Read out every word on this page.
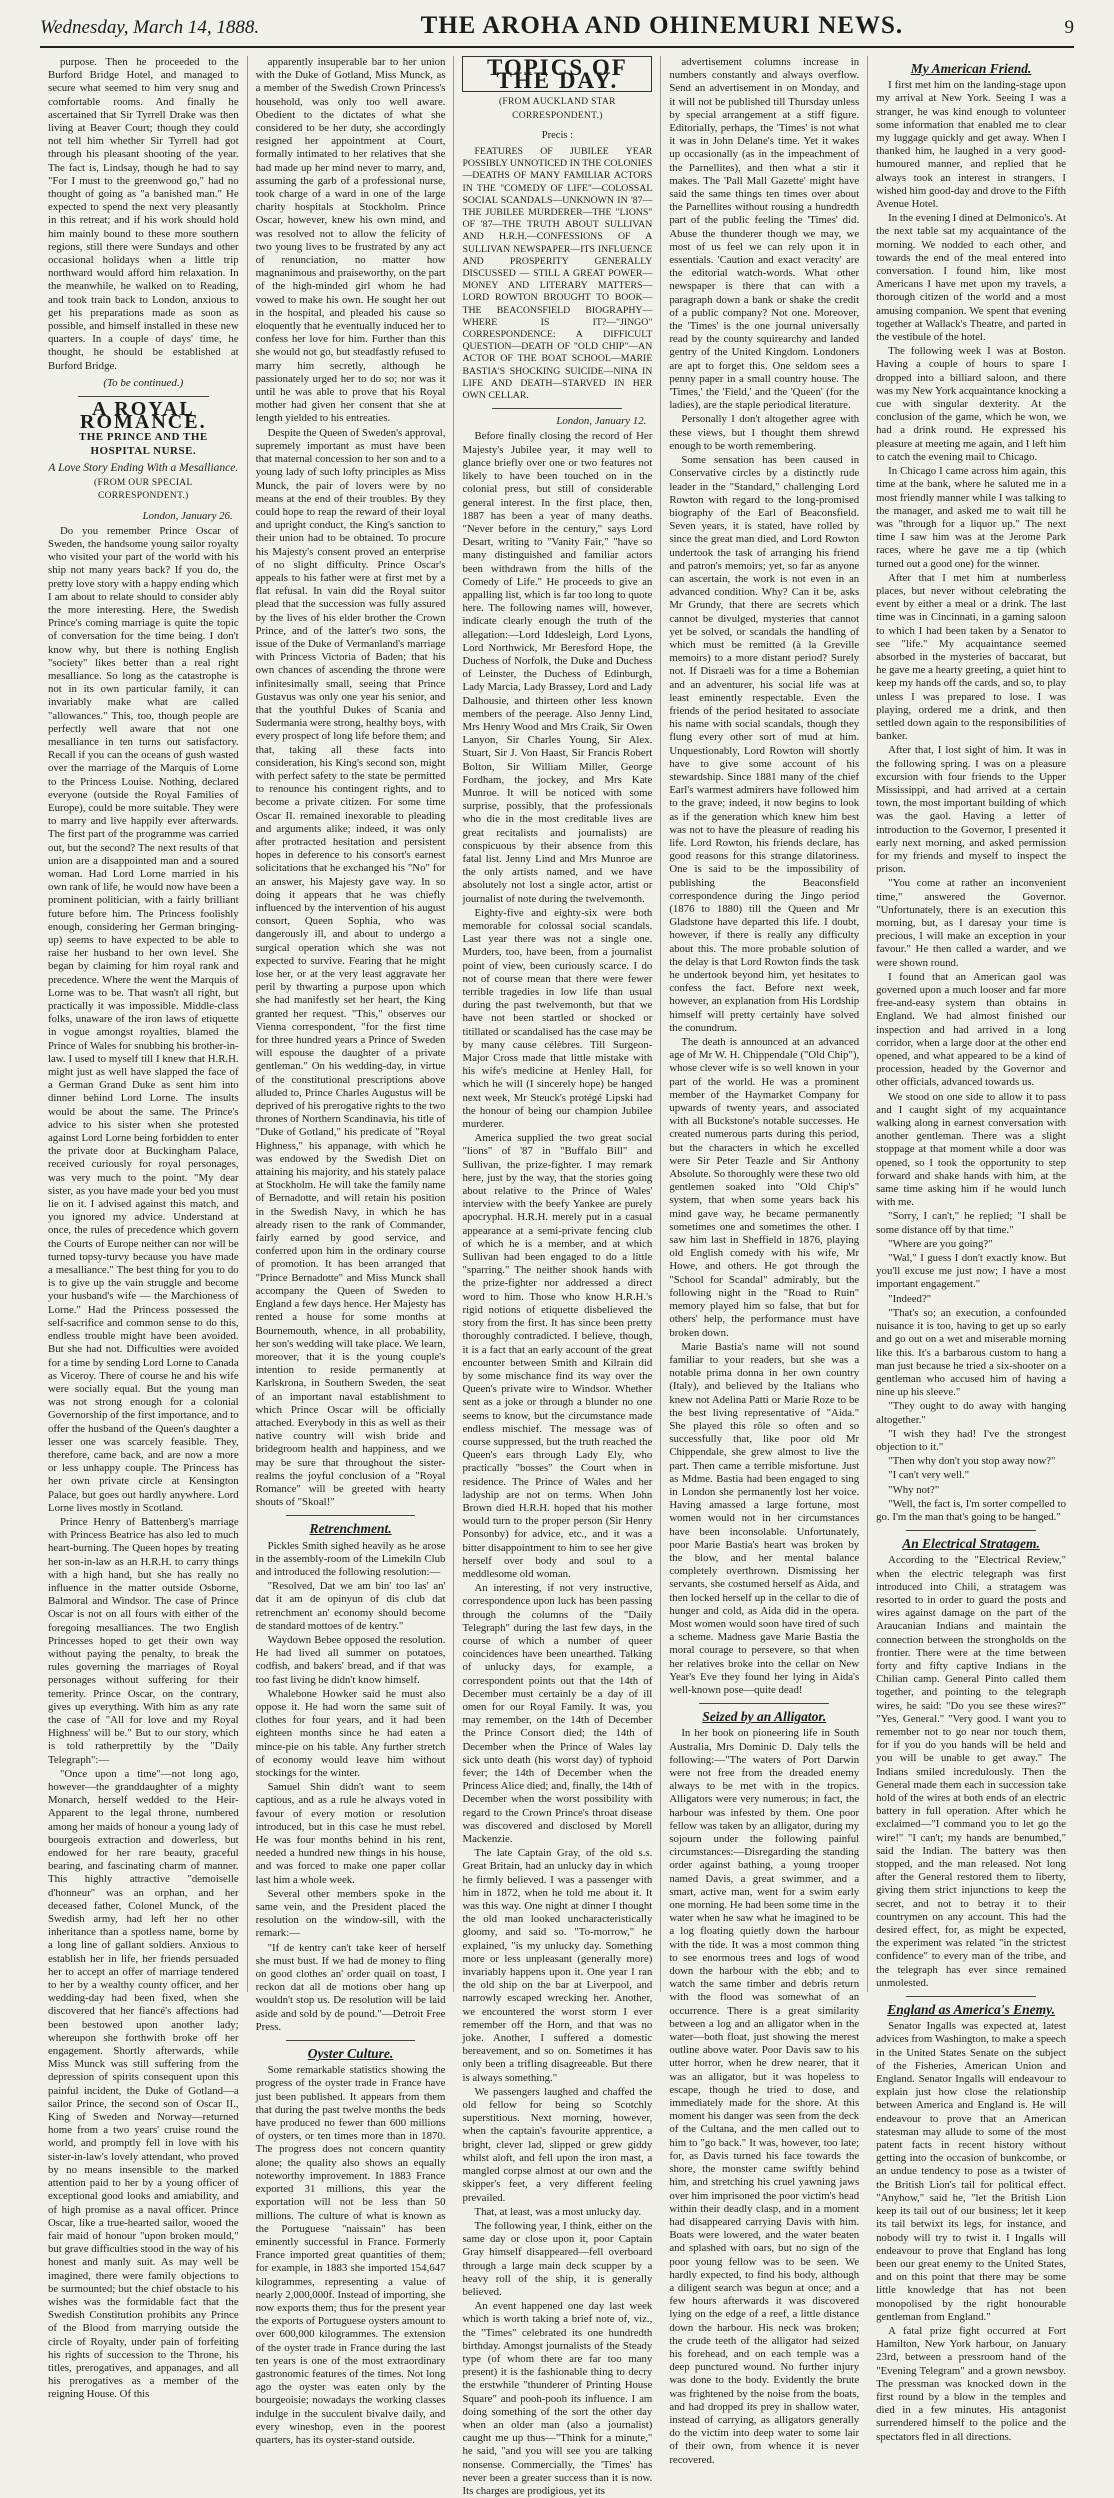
Wednesday, March 14, 1888.	THE AROHA AND OHINEMURI NEWS.	9

purpose. Then he proceeded to the Burford Bridge Hotel, and managed to secure what seemed to him very snug and comfortable rooms. And finally he ascertained that Sir Tyrrell Drake was then living at Beaver Court; though they could not tell him whether Sir Tyrrell had got through his pleasant shooting of the year. The fact is, Lindsay, though he had to say "For I must to the greenwood go," had no thought of going as "a banished man." He expected to spend the next very pleasantly in this retreat; and if his work should hold him mainly bound to these more southern regions, still there were Sundays and other occasional holidays when a little trip northward would afford him relaxation. In the meanwhile, he walked on to Reading, and took train back to London, anxious to get his preparations made as soon as possible, and himself installed in these new quarters. In a couple of days' time, he thought, he should be established at Burford Bridge.

(To be continued.)
A ROYAL ROMANCE.
THE PRINCE AND THE HOSPITAL NURSE.
A Love Story Ending With a Mesalliance.
(FROM OUR SPECIAL CORRESPONDENT.)
London, January 26.

Do you remember Prince Oscar of Sweden, the handsome young sailor royalty who visited your part of the world with his ship not many years back? If you do, the pretty love story with a happy ending which I am about to relate should to consider ably the more interesting. Here, the Swedish Prince's coming marriage is quite the topic of conversation for the time being. I don't know why, but there is nothing English "society" likes better than a real right mesalliance. So long as the catastrophe is not in its own particular family, it can invariably make what are called "allowances." This, too, though people are perfectly well aware that not one mesalliance in ten turns out satisfactory. Recall if you can the oceans of gush wasted over the marriage of the Marquis of Lorne to the Princess Louise. Nothing, declared everyone (outside the Royal Families of Europe), could be more suitable. They were to marry and live happily ever afterwards. The first part of the programme was carried out, but the second? The next results of that union are a disappointed man and a soured woman. Had Lord Lorne married in his own rank of life, he would now have been a prominent politician, with a fairly brilliant future before him. The Princess foolishly enough, considering her German bringing-up) seems to have expected to be able to raise her husband to her own level. She began by claiming for him royal rank and precedence. Where the went the Marquis of Lorne was to be. That wasn't all right, but practically it was impossible. Middle-class folks, unaware of the iron laws of etiquette in vogue amongst royalties, blamed the Prince of Wales for snubbing his brother-in-law. I used to myself till I knew that H.R.H. might just as well have slapped the face of a German Grand Duke as sent him into dinner behind Lord Lorne. The insults would be about the same. The Prince's advice to his sister when she protested against Lord Lorne being forbidden to enter the private door at Buckingham Palace, received curiously for royal personages, was very much to the point. "My dear sister, as you have made your bed you must lie on it. I advised against this match, and you ignored my advice. Understand at once, the rules of precedence which govern the Courts of Europe neither can nor will be turned topsy-turvy because you have made a mesalliance." The best thing for you to do is to give up the vain struggle and become your husband's wife — the Marchioness of Lorne." Had the Princess possessed the self-sacrifice and common sense to do this, endless trouble might have been avoided. But she had not. Difficulties were avoided for a time by sending Lord Lorne to Canada as Viceroy. There of course he and his wife were socially equal. But the young man was not strong enough for a colonial Governorship of the first importance, and to offer the husband of the Queen's daughter a lesser one was scarcely feasible. They, therefore, came back, and are now a more or less unhappy couple. The Princess has her own private circle at Kensington Palace, but goes out hardly anywhere. Lord Lorne lives mostly in Scotland.

Prince Henry of Battenberg's marriage with Princess Beatrice has also led to much heart-burning. The Queen hopes by treating her son-in-law as an H.R.H. to carry things with a high hand, but she has really no influence in the matter outside Osborne, Balmoral and Windsor. The case of Prince Oscar is not on all fours with either of the foregoing mesalliances. The two English Princesses hoped to get their own way without paying the penalty, to break the rules governing the marriages of Royal personages without suffering for their temerity. Prince Oscar, on the contrary, gives up everything. With him as any rate the case of "All for love and my Royal Highness' will be." But to our story, which is told ratherprettily by the "Daily Telegraph":—

"Once upon a time"—not long ago, however—the granddaughter of a mighty Monarch, herself wedded to the Heir-Apparent to the legal throne, numbered among her maids of honour a young lady of bourgeois extraction and dowerless, but endowed for her rare beauty, graceful bearing, and fascinating charm of manner. This highly attractive "demoiselle d'honneur" was an orphan, and her deceased father, Colonel Munck, of the Swedish army, had left her no other inheritance than a spotless name, borne by a long line of gallant soldiers. Anxious to establish her in life, her friends persuaded her to accept an offer of marriage tendered to her by a wealthy county officer, and her wedding-day had been fixed, when she discovered that her fiancé's affections had been bestowed upon another lady; whereupon she forthwith broke off her engagement. Shortly afterwards, while Miss Munck was still suffering from the depression of spirits consequent upon this painful incident, the Duke of Gotland—a sailor Prince, the second son of Oscar II., King of Sweden and Norway—returned home from a two years' cruise round the world, and promptly fell in love with his sister-in-law's lovely attendant, who proved by no means insensible to the marked attention paid to her by a young officer of exceptional good looks and amiability, and of high promise as a naval officer. Prince Oscar, like a true-hearted sailor, wooed the fair maid of honour "upon broken mould," but grave difficulties stood in the way of his honest and manly suit. As may well be imagined, there were family objections to be surmounted; but the chief obstacle to his wishes was the formidable fact that the Swedish Constitution prohibits any Prince of the Blood from marrying outside the circle of Royalty, under pain of forfeiting his rights of succession to the Throne, his titles, prerogatives, and appanages, and all his prerogatives as a member of the reigning House. Of this

apparently insuperable bar to her union with the Duke of Gotland, Miss Munck, as a member of the Swedish Crown Princess's household, was only too well aware. Obedient to the dictates of what she considered to be her duty, she accordingly resigned her appointment at Court, formally intimated to her relatives that she had made up her mind never to marry, and, assuming the garb of a professional nurse, took charge of a ward in one of the large charity hospitals at Stockholm. Prince Oscar, however, knew his own mind, and was resolved not to allow the felicity of two young lives to be frustrated by any act of renunciation, no matter how magnanimous and praiseworthy, on the part of the high-minded girl whom he had vowed to make his own. He sought her out in the hospital, and pleaded his cause so eloquently that he eventually induced her to confess her love for him. Further than this she would not go, but steadfastly refused to marry him secretly, although he passionately urged her to do so; nor was it until he was able to prove that his Royal mother had given her consent that she at length yielded to his entreaties.

Despite the Queen of Sweden's approval, supremely important as must have been that maternal concession to her son and to a young lady of such lofty principles as Miss Munck, the pair of lovers were by no means at the end of their troubles. By they could hope to reap the reward of their loyal and upright conduct, the King's sanction to their union had to be obtained. To procure his Majesty's consent proved an enterprise of no slight difficulty. Prince Oscar's appeals to his father were at first met by a flat refusal. In vain did the Royal suitor plead that the succession was fully assured by the lives of his elder brother the Crown Prince, and of the latter's two sons, the issue of the Duke of Vermanland's marriage with Princess Victoria of Baden; that his own chances of ascending the throne were infinitesimally small, seeing that Prince Gustavus was only one year his senior, and that the youthful Dukes of Scania and Sudermania were strong, healthy boys, with every prospect of long life before them; and that, taking all these facts into consideration, his King's second son, might with perfect safety to the state be permitted to renounce his contingent rights, and to become a private citizen. For some time Oscar II. remained inexorable to pleading and arguments alike; indeed, it was only after protracted hesitation and persistent hopes in deference to his consort's earnest solicitations that he exchanged his "No" for an answer, his Majesty gave way. In so doing it appears that he was chiefly influenced by the intervention of his august consort, Queen Sophia, who was dangerously ill, and about to undergo a surgical operation which she was not expected to survive. Fearing that he might lose her, or at the very least aggravate her peril by thwarting a purpose upon which she had manifestly set her heart, the King granted her request. "This," observes our Vienna correspondent, "for the first time for three hundred years a Prince of Sweden will espouse the daughter of a private gentleman." On his wedding-day, in virtue of the constitutional prescriptions above alluded to, Prince Charles Augustus will be deprived of his prerogative rights to the two thrones of Northern Scandinavia, his title of "Duke of Gotland," his predicate of "Royal Highness," his appanage, with which he was endowed by the Swedish Diet on attaining his majority, and his stately palace at Stockholm. He will take the family name of Bernadotte, and will retain his position in the Swedish Navy, in which he has already risen to the rank of Commander, fairly earned by good service, and conferred upon him in the ordinary course of promotion. It has been arranged that "Prince Bernadotte" and Miss Munck shall accompany the Queen of Sweden to England a few days hence. Her Majesty has rented a house for some months at Bournemouth, whence, in all probability, her son's wedding will take place. We learn, moreover, that it is the young couple's intention to reside permanently at Karlskrona, in Southern Sweden, the seat of an important naval establishment to which Prince Oscar will be officially attached. Everybody in this as well as their native country will wish bride and bridegroom health and happiness, and we may be sure that throughout the sister-realms the joyful conclusion of a "Royal Romance" will be greeted with hearty shouts of "Skoal!"

Retrenchment.

Pickles Smith sighed heavily as he arose in the assembly-room of the Limekiln Club and introduced the following resolution:—

"Resolved, Dat we am bin' too las' an' dat it am de opinyun of dis club dat retrenchment an' economy should become de standard mottoes of de kentry."

Waydown Bebee opposed the resolution. He had lived all summer on potatoes, codfish, and bakers' bread, and if that was too fast living he didn't know himself.

Whalebone Howker said he must also oppose it. He had worn the same suit of clothes for four years, and it had been eighteen months since he had eaten a mince-pie on his table. Any further stretch of economy would leave him without stockings for the winter.

Samuel Shin didn't want to seem captious, and as a rule he always voted in favour of every motion or resolution introduced, but in this case he must rebel. He was four months behind in his rent, needed a hundred new things in his house, and was forced to make one paper collar last him a whole week.

Several other members spoke in the same vein, and the President placed the resolution on the window-sill, with the remark:—

"If de kentry can't take keer of herself she must bust. If we had de money to fling on good clothes an' order quail on toast, I reckon dat all de motions ober hang up wouldn't stop us. De resolution will be laid aside and sold by de pound."—Detroit Free Press.

Oyster Culture.

Some remarkable statistics showing the progress of the oyster trade in France have just been published. It appears from them that during the past twelve months the beds have produced no fewer than 600 millions of oysters, or ten times more than in 1870. The progress does not concern quantity alone; the quality also shows an equally noteworthy improvement. In 1883 France exported 31 millions, this year the exportation will not be less than 50 millions. The culture of what is known as the Portuguese "naissain" has been eminently successful in France. Formerly France imported great quantities of them; for example, in 1883 she imported 154,647 kilogrammes, representing a value of nearly 2,000,000f. Instead of importing, she now exports them; thus for the present year the exports of Portuguese oysters amount to over 600,000 kilogrammes. The extension of the oyster trade in France during the last ten years is one of the most extraordinary gastronomic features of the times. Not long ago the oyster was eaten only by the bourgeoisie; nowadays the working classes indulge in the succulent bivalve daily, and every wineshop, even in the poorest quarters, has its oyster-stand outside.

TOPICS OF THE DAY.
(FROM AUCKLAND STAR CORRESPONDENT.)
Precis :

FEATURES OF JUBILEE YEAR POSSIBLY UNNOTICED IN THE COLONIES—DEATHS OF MANY FAMILIAR ACTORS IN THE "COMEDY OF LIFE"—COLOSSAL SOCIAL SCANDALS—UNKNOWN IN '87—THE JUBILEE MURDERER—THE "LIONS" OF '87—THE TRUTH ABOUT SULLIVAN AND H.R.H.—CONFESSIONS OF A SULLIVAN NEWSPAPER—ITS INFLUENCE AND PROSPERITY GENERALLY DISCUSSED — STILL A GREAT POWER—MONEY AND LITERARY MATTERS—LORD ROWTON BROUGHT TO BOOK—THE BEACONSFIELD BIOGRAPHY—WHERE IS IT?—"JINGO" CORRESPONDENCE: A DIFFICULT QUESTION—DEATH OF "OLD CHIP"—AN ACTOR OF THE BOAT SCHOOL—MARIE BASTIA'S SHOCKING SUICIDE—NINA IN LIFE AND DEATH—STARVED IN HER OWN CELLAR.

London, January 12.

Before finally closing the record of Her Majesty's Jubilee year, it may well to glance briefly over one or two features not likely to have been touched on in the colonial press, but still of considerable general interest. In the first place, then, 1887 has been a year of many deaths. "Never before in the century," says Lord Desart, writing to "Vanity Fair," "have so many distinguished and familiar actors been withdrawn from the hills of the Comedy of Life." He proceeds to give an appalling list, which is far too long to quote here. The following names will, however, indicate clearly enough the truth of the allegation:—Lord Iddesleigh, Lord Lyons, Lord Northwick, Mr Beresford Hope, the Duchess of Norfolk, the Duke and Duchess of Leinster, the Duchess of Edinburgh, Lady Marcia, Lady Brassey, Lord and Lady Dalhousie, and thirteen other less known members of the peerage. Also Jenny Lind, Mrs Henry Wood and Mrs Craik, Sir Owen Lanyon, Sir Charles Young, Sir Alex. Stuart, Sir J. Von Haast, Sir Francis Robert Bolton, Sir William Miller, George Fordham, the jockey, and Mrs Kate Munroe. It will be noticed with some surprise, possibly, that the professionals who die in the most creditable lives are great recitalists and journalists) are conspicuous by their absence from this fatal list. Jenny Lind and Mrs Munroe are the only artists named, and we have absolutely not lost a single actor, artist or journalist of note during the twelvemonth.

Eighty-five and eighty-six were both memorable for colossal social scandals. Last year there was not a single one. Murders, too, have been, from a journalist point of view, been curiously scarce. I do not of course mean that there were fewer terrible tragedies in low life than usual during the past twelvemonth, but that we have not been startled or shocked or titillated or scandalised has the case may be by many cause célèbres. Till Surgeon-Major Cross made that little mistake with his wife's medicine at Henley Hall, for which he will (I sincerely hope) be hanged next week, Mr Steuck's protégé Lipski had the honour of being our champion Jubilee murderer.

America supplied the two great social "lions" of '87 in "Buffalo Bill" and Sullivan, the prize-fighter. I may remark here, just by the way, that the stories going about relative to the Prince of Wales' interview with the beefy Yankee are purely apocryphal. H.R.H. merely put in a casual appearance at a semi-private fencing club of which he is a member, and at which Sullivan had been engaged to do a little "sparring." The neither shook hands with the prize-fighter nor addressed a direct word to him. Those who know H.R.H.'s rigid notions of etiquette disbelieved the story from the first. It has since been pretty thoroughly contradicted. I believe, though, it is a fact that an early account of the great encounter between Smith and Kilrain did by some mischance find its way over the Queen's private wire to Windsor. Whether sent as a joke or through a blunder no one seems to know, but the circumstance made endless mischief. The message was of course suppressed, but the truth reached the Queen's ears through Lady Ely, who practically "bosses" the Court when in residence. The Prince of Wales and her ladyship are not on terms. When John Brown died H.R.H. hoped that his mother would turn to the proper person (Sir Henry Ponsonby) for advice, etc., and it was a bitter disappointment to him to see her give herself over body and soul to a meddlesome old woman.

An interesting, if not very instructive, correspondence upon luck has been passing through the columns of the "Daily Telegraph" during the last few days, in the course of which a number of queer coincidences have been unearthed. Talking of unlucky days, for example, a correspondent points out that the 14th of December must certainly be a day of ill omen for our Royal Family. It was, you may remember, on the 14th of December the Prince Consort died; the 14th of December when the Prince of Wales lay sick unto death (his worst day) of typhoid fever; the 14th of December when the Princess Alice died; and, finally, the 14th of December when the worst possibility with regard to the Crown Prince's throat disease was discovered and disclosed by Morell Mackenzie.

The late Captain Gray, of the old s.s. Great Britain, had an unlucky day in which he firmly believed. I was a passenger with him in 1872, when he told me about it. It was this way. One night at dinner I thought the old man looked uncharacteristically gloomy, and said so. "To-morrow," he explained, "is my unlucky day. Something more or less unpleasant (generally more) invariably happens upon it. One year I ran the old ship on the bar at Liverpool, and narrowly escaped wrecking her. Another, we encountered the worst storm I ever remember off the Horn, and that was no joke. Another, I suffered a domestic bereavement, and so on. Sometimes it has only been a trifling disagreeable. But there is always something."

We passengers laughed and chaffed the old fellow for being so Scotchly superstitious. Next morning, however, when the captain's favourite apprentice, a bright, clever lad, slipped or grew giddy whilst aloft, and fell upon the iron mast, a mangled corpse almost at our own and the skipper's feet, a very different feeling prevailed.

That, at least, was a most unlucky day.

The following year, I think, either on the same day or close upon it, poor Captain Gray himself disappeared—fell overboard through a large main deck scupper by a heavy roll of the ship, it is generally believed.

An event happened one day last week which is worth taking a brief note of, viz., the "Times" celebrated its one hundredth birthday. Amongst journalists of the Steady type (of whom there are far too many present) it is the fashionable thing to decry the erstwhile "thunderer of Printing House Square" and pooh-pooh its influence. I am doing something of the sort the other day when an older man (also a journalist) caught me up thus—"Think for a minute," he said, "and you will see you are talking nonsense. Commercially, the 'Times' has never been a greater success than it is now. Its charges are prodigious, yet its

advertisement columns increase in numbers constantly and always overflow. Send an advertisement in on Monday, and it will not be published till Thursday unless by special arrangement at a stiff figure. Editorially, perhaps, the 'Times' is not what it was in John Delane's time. Yet it wakes up occasionally (as in the impeachment of the Parnellites), and then what a stir it makes. The 'Pall Mall Gazette' might have said the same things ten times over about the Parnellites without rousing a hundredth part of the public feeling the 'Times' did. Abuse the thunderer though we may, we most of us feel we can rely upon it in essentials. 'Caution and exact veracity' are the editorial watch-words. What other newspaper is there that can with a paragraph down a bank or shake the credit of a public company? Not one. Moreover, the 'Times' is the one journal universally read by the county squirearchy and landed gentry of the United Kingdom. Londoners are apt to forget this. One seldom sees a penny paper in a small country house. The 'Times,' the 'Field,' and the 'Queen' (for the ladies), are the staple periodical literature.

Personally I don't altogether agree with these views, but I thought them shrewd enough to be worth remembering.

Some sensation has been caused in Conservative circles by a distinctly rude leader in the "Standard," challenging Lord Rowton with regard to the long-promised biography of the Earl of Beaconsfield. Seven years, it is stated, have rolled by since the great man died, and Lord Rowton undertook the task of arranging his friend and patron's memoirs; yet, so far as anyone can ascertain, the work is not even in an advanced condition. Why? Can it be, asks Mr Grundy, that there are secrets which cannot be divulged, mysteries that cannot yet be solved, or scandals the handling of which must be remitted (à la Greville memoirs) to a more distant period? Surely not. If Disraeli was for a time a Bohemian and an adventurer, his social life was at least eminently respectable. Even the friends of the period hesitated to associate his name with social scandals, though they flung every other sort of mud at him. Unquestionably, Lord Rowton will shortly have to give some account of his stewardship. Since 1881 many of the chief Earl's warmest admirers have followed him to the grave; indeed, it now begins to look as if the generation which knew him best was not to have the pleasure of reading his life. Lord Rowton, his friends declare, has good reasons for this strange dilatoriness. One is said to be the impossibility of publishing the Beaconsfield correspondence during the Jingo period (1876 to 1880) till the Queen and Mr Gladstone have departed this life. I doubt, however, if there is really any difficulty about this. The more probable solution of the delay is that Lord Rowton finds the task he undertook beyond him, yet hesitates to confess the fact. Before next week, however, an explanation from His Lordship himself will pretty certainly have solved the conundrum.

The death is announced at an advanced age of Mr W. H. Chippendale ("Old Chip"), whose clever wife is so well known in your part of the world. He was a prominent member of the Haymarket Company for upwards of twenty years, and associated with all Buckstone's notable successes. He created numerous parts during this period, but the characters in which he excelled were Sir Peter Teazle and Sir Anthony Absolute. So thoroughly were these two old gentlemen soaked into "Old Chip's" system, that when some years back his mind gave way, he became permanently sometimes one and sometimes the other. I saw him last in Sheffield in 1876, playing old English comedy with his wife, Mr Howe, and others. He got through the "School for Scandal" admirably, but the following night in the "Road to Ruin" memory played him so false, that but for others' help, the performance must have broken down.

Marie Bastia's name will not sound familiar to your readers, but she was a notable prima donna in her own country (Italy), and believed by the Italians who knew not Adelina Patti or Marie Roze to be the best living representative of "Aida." She played this rôle so often and so successfully that, like poor old Mr Chippendale, she grew almost to live the part. Then came a terrible misfortune. Just as Mdme. Bastia had been engaged to sing in London she permanently lost her voice. Having amassed a large fortune, most women would not in her circumstances have been inconsolable. Unfortunately, poor Marie Bastia's heart was broken by the blow, and her mental balance completely overthrown. Dismissing her servants, she costumed herself as Aida, and then locked herself up in the cellar to die of hunger and cold, as Aida did in the opera. Most women would soon have tired of such a scheme. Madness gave Marie Bastia the moral courage to persevere, so that when her relatives broke into the cellar on New Year's Eve they found her lying in Aida's well-known pose—quite dead!

Seized by an Alligator.

In her book on pioneering life in South Australia, Mrs Dominic D. Daly tells the following:—"The waters of Port Darwin were not free from the dreaded enemy always to be met with in the tropics. Alligators were very numerous; in fact, the harbour was infested by them. One poor fellow was taken by an alligator, during my sojourn under the following painful circumstances:—Disregarding the standing order against bathing, a young trooper named Davis, a great swimmer, and a smart, active man, went for a swim early one morning. He had been some time in the water when he saw what he imagined to be a log floating quietly down the harbour with the tide. It was a most common thing to see enormous trees and logs of wood down the harbour with the ebb; and to watch the same timber and debris return with the flood was somewhat of an occurrence. There is a great similarity between a log and an alligator when in the water—both float, just showing the merest outline above water. Poor Davis saw to his utter horror, when he drew nearer, that it was an alligator, but it was hopeless to escape, though he tried to dose, and immediately made for the shore. At this moment his danger was seen from the deck of the Cultana, and the men called out to him to "go back." It was, however, too late; for, as Davis turned his face towards the shore, the monster came swiftly behind him, and stretching his cruel yawning jaws over him imprisoned the poor victim's head within their deadly clasp, and in a moment had disappeared carrying Davis with him. Boats were lowered, and the water beaten and splashed with oars, but no sign of the poor young fellow was to be seen. We hardly expected, to find his body, although a diligent search was begun at once; and a few hours afterwards it was discovered lying on the edge of a reef, a little distance down the harbour. His neck was broken; the crude teeth of the alligator had seized his forehead, and on each temple was a deep punctured wound. No further injury was done to the body. Evidently the brute was frightened by the noise from the boats, and had dropped its prey in shallow water, instead of carrying, as alligators generally do the victim into deep water to some lair of their own, from whence it is never recovered.

My American Friend.

I first met him on the landing-stage upon my arrival at New York. Seeing I was a stranger, he was kind enough to volunteer some information that enabled me to clear my luggage quickly and get away. When I thanked him, he laughed in a very good-humoured manner, and replied that he always took an interest in strangers. I wished him good-day and drove to the Fifth Avenue Hotel.

In the evening I dined at Delmonico's. At the next table sat my acquaintance of the morning. We nodded to each other, and towards the end of the meal entered into conversation. I found him, like most Americans I have met upon my travels, a thorough citizen of the world and a most amusing companion. We spent that evening together at Wallack's Theatre, and parted in the vestibule of the hotel.

The following week I was at Boston. Having a couple of hours to spare I dropped into a billiard saloon, and there was my New York acquaintance knocking a cue with singular dexterity. At the conclusion of the game, which he won, we had a drink round. He expressed his pleasure at meeting me again, and I left him to catch the evening mail to Chicago.

In Chicago I came across him again, this time at the bank, where he saluted me in a most friendly manner while I was talking to the manager, and asked me to wait till he was "through for a liquor up." The next time I saw him was at the Jerome Park races, where he gave me a tip (which turned out a good one) for the winner.

After that I met him at numberless places, but never without celebrating the event by either a meal or a drink. The last time was in Cincinnati, in a gaming saloon to which I had been taken by a Senator to see "life." My acquaintance seemed absorbed in the mysteries of baccarat, but he gave me a hearty greeting, a quiet hint to keep my hands off the cards, and so, to play unless I was prepared to lose. I was playing, ordered me a drink, and then settled down again to the responsibilities of banker.

After that, I lost sight of him. It was in the following spring. I was on a pleasure excursion with four friends to the Upper Mississippi, and had arrived at a certain town, the most important building of which was the gaol. Having a letter of introduction to the Governor, I presented it early next morning, and asked permission for my friends and myself to inspect the prison.

"You come at rather an inconvenient time," answered the Governor. "Unfortunately, there is an execution this morning, but, as I daresay your time is precious, I will make an exception in your favour." He then called a warder, and we were shown round.

I found that an American gaol was governed upon a much looser and far more free-and-easy system than obtains in England. We had almost finished our inspection and had arrived in a long corridor, when a large door at the other end opened, and what appeared to be a kind of procession, headed by the Governor and other officials, advanced towards us.

We stood on one side to allow it to pass and I caught sight of my acquaintance walking along in earnest conversation with another gentleman. There was a slight stoppage at that moment while a door was opened, so I took the opportunity to step forward and shake hands with him, at the same time asking him if he would lunch with me.

"Sorry, I can't," he replied; "I shall be some distance off by that time."

"Where are you going?"

"Wal," I guess I don't exactly know. But you'll excuse me just now; I have a most important engagement."

"Indeed?"

"That's so; an execution, a confounded nuisance it is too, having to get up so early and go out on a wet and miserable morning like this. It's a barbarous custom to hang a man just because he tried a six-shooter on a gentleman who accused him of having a nine up his sleeve."

"They ought to do away with hanging altogether."

"I wish they had! I've the strongest objection to it."

"Then why don't you stop away now?"

"I can't very well."

"Why not?"

"Well, the fact is, I'm sorter compelled to go. I'm the man that's going to be hanged."

An Electrical Stratagem.

According to the "Electrical Review," when the electric telegraph was first introduced into Chili, a stratagem was resorted to in order to guard the posts and wires against damage on the part of the Araucanian Indians and maintain the connection between the strongholds on the frontier. There were at the time between forty and fifty captive Indians in the Chilian camp. General Pinto called them together, and pointing to the telegraph wires, he said: "Do you see these wires?" "Yes, General." "Very good. I want you to remember not to go near nor touch them, for if you do you hands will be held and you will be unable to get away." The Indians smiled incredulously. Then the General made them each in succession take hold of the wires at both ends of an electric battery in full operation. After which he exclaimed—"I command you to let go the wire!" "I can't; my hands are benumbed," said the Indian. The battery was then stopped, and the man released. Not long after the General restored them to liberty, giving them strict injunctions to keep the secret, and not to betray it to their countrymen on any account. This had the desired effect, for, as might be expected, the experiment was related "in the strictest confidence" to every man of the tribe, and the telegraph has ever since remained unmolested.

England as America's Enemy.

Senator Ingalls was expected at, latest advices from Washington, to make a speech in the United States Senate on the subject of the Fisheries, American Union and England. Senator Ingalls will endeavour to explain just how close the relationship between America and England is. He will endeavour to prove that an American statesman may allude to some of the most patent facts in recent history without getting into the occasion of bunkcombe, or an undue tendency to pose as a twister of the British Lion's tail for political effect. "Anyhow," said he, "let the British Lion keep its tail out of our business; let it keep its tail betwixt its legs, for instance, and nobody will try to twist it. I Ingalls will endeavour to prove that England has long been our great enemy to the United States, and on this point that there may be some little knowledge that has not been monopolised by the right honourable gentleman from England."

A fatal prize fight occurred at Fort Hamilton, New York harbour, on January 23rd, between a pressroom hand of the "Evening Telegram" and a grown newsboy. The pressman was knocked down in the first round by a blow in the temples and died in a few minutes. His antagonist surrendered himself to the police and the spectators fled in all directions.
